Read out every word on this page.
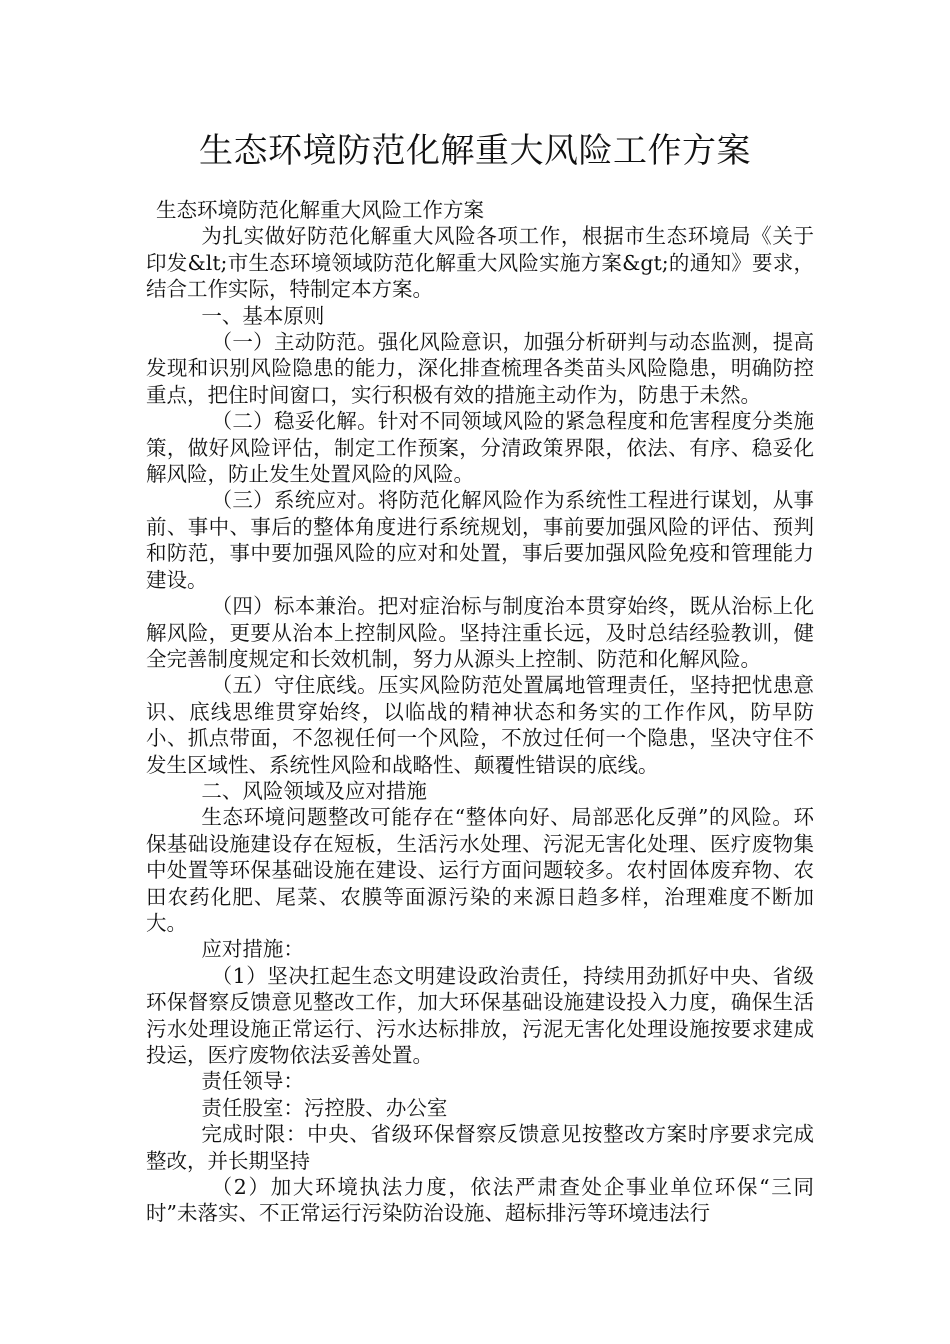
生态环境防范化解重大风险工作方案

生态环境防范化解重大风险工作方案

为扎实做好防范化解重大风险各项工作，根据市生态环境局《关于印发&lt;市生态环境领域防范化解重大风险实施方案&gt;的通知》要求，结合工作实际，特制定本方案。

一、基本原则

（一）主动防范。强化风险意识，加强分析研判与动态监测，提高发现和识别风险隐患的能力，深化排查梳理各类苗头风险隐患，明确防控重点，把住时间窗口，实行积极有效的措施主动作为，防患于未然。

（二）稳妥化解。针对不同领域风险的紧急程度和危害程度分类施策，做好风险评估，制定工作预案，分清政策界限，依法、有序、稳妥化解风险，防止发生处置风险的风险。

（三）系统应对。将防范化解风险作为系统性工程进行谋划，从事前、事中、事后的整体角度进行系统规划，事前要加强风险的评估、预判和防范，事中要加强风险的应对和处置，事后要加强风险免疫和管理能力建设。

（四）标本兼治。把对症治标与制度治本贯穿始终，既从治标上化解风险，更要从治本上控制风险。坚持注重长远，及时总结经验教训，健全完善制度规定和长效机制，努力从源头上控制、防范和化解风险。

（五）守住底线。压实风险防范处置属地管理责任，坚持把忧患意识、底线思维贯穿始终，以临战的精神状态和务实的工作作风，防早防小、抓点带面，不忽视任何一个风险，不放过任何一个隐患，坚决守住不发生区域性、系统性风险和战略性、颠覆性错误的底线。

二、风险领域及应对措施

生态环境问题整改可能存在“整体向好、局部恶化反弹”的风险。环保基础设施建设存在短板，生活污水处理、污泥无害化处理、医疗废物集中处置等环保基础设施在建设、运行方面问题较多。农村固体废弃物、农田农药化肥、尾菜、农膜等面源污染的来源日趋多样，治理难度不断加大。

应对措施：

（1）坚决扛起生态文明建设政治责任，持续用劲抓好中央、省级环保督察反馈意见整改工作，加大环保基础设施建设投入力度，确保生活污水处理设施正常运行、污水达标排放，污泥无害化处理设施按要求建成投运，医疗废物依法妥善处置。

责任领导：

责任股室：污控股、办公室

完成时限：中央、省级环保督察反馈意见按整改方案时序要求完成整改，并长期坚持

（2）加大环境执法力度，依法严肃查处企事业单位环保“三同时”未落实、不正常运行污染防治设施、超标排污等环境违法行
